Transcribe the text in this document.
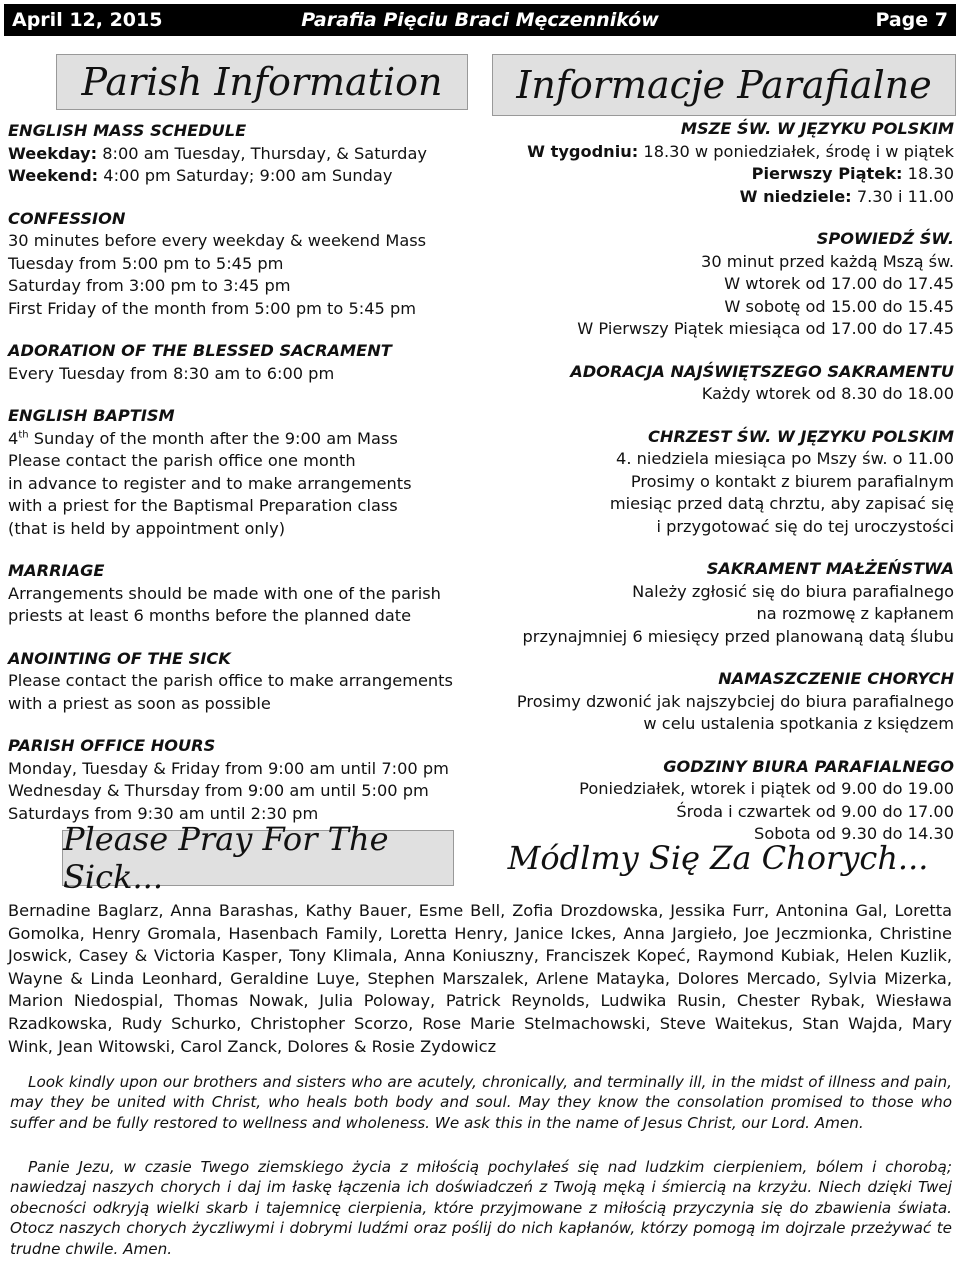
April 12, 2015	Parafia Pięciu Braci Męczenników	Page 7
Parish Information	Informacje Parafialne
ENGLISH MASS SCHEDULE
Weekday: 8:00 am Tuesday, Thursday, & Saturday
Weekend: 4:00 pm Saturday; 9:00 am Sunday
CONFESSION
30 minutes before every weekday & weekend Mass
Tuesday from 5:00 pm to 5:45 pm
Saturday from 3:00 pm to 3:45 pm
First Friday of the month from 5:00 pm to 5:45 pm
ADORATION OF THE BLESSED SACRAMENT
Every Tuesday from 8:30 am to 6:00 pm
ENGLISH BAPTISM
4th Sunday of the month after the 9:00 am Mass
Please contact the parish office one month
in advance to register and to make arrangements
with a priest for the Baptismal Preparation class
(that is held by appointment only)
MARRIAGE
Arrangements should be made with one of the parish
priests at least 6 months before the planned date
ANOINTING OF THE SICK
Please contact the parish office to make arrangements
with a priest as soon as possible
PARISH OFFICE HOURS
Monday, Tuesday & Friday from 9:00 am until 7:00 pm
Wednesday & Thursday from 9:00 am until 5:00 pm
Saturdays from 9:30 am until 2:30 pm
MSZE ŚW. W JĘZYKU POLSKIM
W tygodniu: 18.30 w poniedziałek, środę i w piątek
Pierwszy Piątek: 18.30
W niedziele: 7.30 i 11.00
SPOWIEDŹ ŚW.
30 minut przed każdą Mszą św.
W wtorek od 17.00 do 17.45
W sobotę od 15.00 do 15.45
W Pierwszy Piątek miesiąca od 17.00 do 17.45
ADORACJA NAJŚWIĘTSZEGO SAKRAMENTU
Każdy wtorek od 8.30 do 18.00
CHRZEST ŚW. W JĘZYKU POLSKIM
4. niedziela miesiąca po Mszy św. o 11.00
Prosimy o kontakt z biurem parafialnym
miesiąc przed datą chrztu, aby zapisać się
i przygotować się do tej uroczystości
SAKRAMENT MAŁŻEŃSTWA
Należy zgłosić się do biura parafialnego
na rozmowę z kapłanem
przynajmniej 6 miesięcy przed planowaną datą ślubu
NAMASZCZENIE CHORYCH
Prosimy dzwonić jak najszybciej do biura parafialnego
w celu ustalenia spotkania z księdzem
GODZINY BIURA PARAFIALNEGO
Poniedziałek, wtorek i piątek od 9.00 do 19.00
Środa i czwartek od 9.00 do 17.00
Sobota od 9.30 do 14.30
Please Pray For The Sick...	Módlmy Się Za Chorych...
Bernadine Baglarz, Anna Barashas, Kathy Bauer, Esme Bell, Zofia Drozdowska, Jessika Furr, Antonina Gal, Loretta Gomolka, Henry Gromala, Hasenbach Family, Loretta Henry, Janice Ickes, Anna Jargieło, Joe Jeczmionka, Christine Joswick, Casey & Victoria Kasper, Tony Klimala, Anna Koniuszny, Franciszek Kopeć, Raymond Kubiak, Helen Kuzlik, Wayne & Linda Leonhard, Geraldine Luye, Stephen Marszalek, Arlene Matayka, Dolores Mercado, Sylvia Mizerka, Marion Niedospial, Thomas Nowak, Julia Poloway, Patrick Reynolds, Ludwika Rusin, Chester Rybak, Wiesława Rzadkowska, Rudy Schurko, Christopher Scorzo, Rose Marie Stelmachowski, Steve Waitekus, Stan Wajda, Mary Wink, Jean Witowski, Carol Zanck, Dolores & Rosie Zydowicz
Look kindly upon our brothers and sisters who are acutely, chronically, and terminally ill, in the midst of illness and pain, may they be united with Christ, who heals both body and soul. May they know the consolation promised to those who suffer and be fully restored to wellness and wholeness. We ask this in the name of Jesus Christ, our Lord. Amen.
Panie Jezu, w czasie Twego ziemskiego życia z miłością pochylałeś się nad ludzkim cierpieniem, bólem i chorobą; nawiedzaj naszych chorych i daj im łaskę łączenia ich doświadczeń z Twoją męką i śmiercią na krzyżu. Niech dzięki Twej obecności odkryją wielki skarb i tajemnicę cierpienia, które przyjmowane z miłością przyczynia się do zbawienia świata. Otocz naszych chorych życzliwymi i dobrymi ludźmi oraz poślij do nich kapłanów, którzy pomogą im dojrzale przeżywać te trudne chwile. Amen.
